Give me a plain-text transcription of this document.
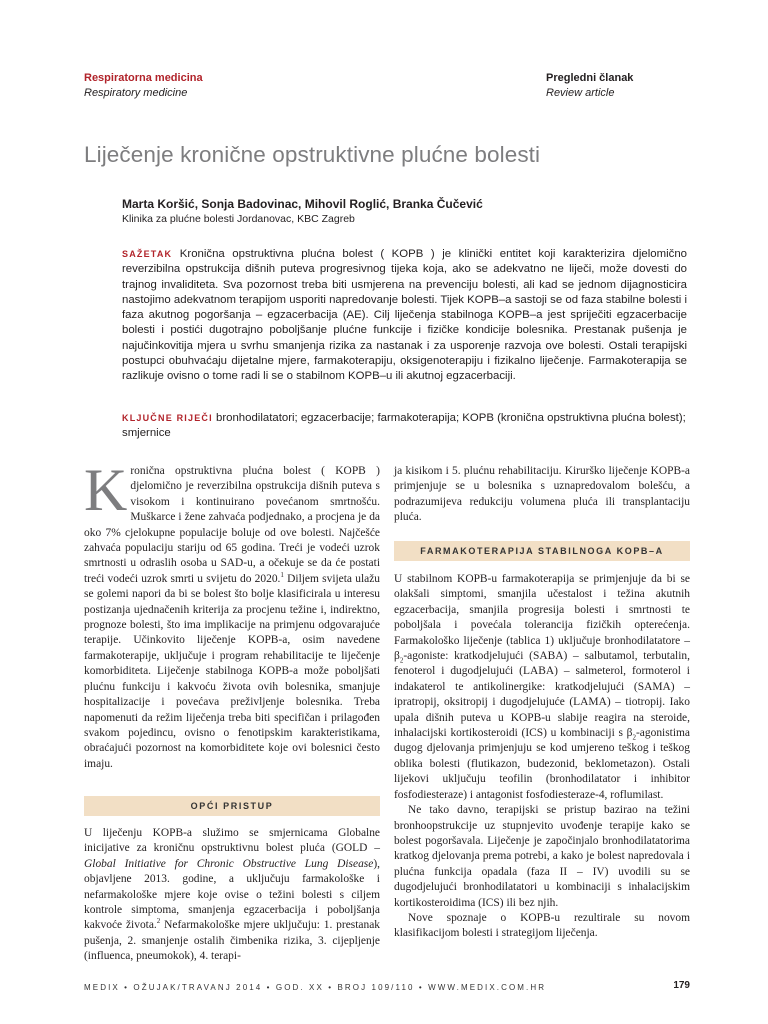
Respiratorna medicina
Respiratory medicine
Pregledni članak
Review article
Liječenje kronične opstruktivne plućne bolesti
Marta Koršić, Sonja Badovinac, Mihovil Roglić, Branka Čučević
Klinika za plućne bolesti Jordanovac, KBC Zagreb
SAŽETAK Kronična opstruktivna plućna bolest ( KOPB ) je klinički entitet koji karakterizira djelomično reverzibilna opstrukcija dišnih puteva progresivnog tijeka koja, ako se adekvatno ne liječi, može dovesti do trajnog invaliditeta. Sva pozornost treba biti usmjerena na prevenciju bolesti, ali kad se jednom dijagnosticira nastojimo adekvatnom terapijom usporiti napredovanje bolesti. Tijek KOPB–a sastoji se od faza stabilne bolesti i faza akutnog pogoršanja – egzacerbacija (AE). Cilj liječenja stabilnoga KOPB–a jest spriječiti egzacerbacije bolesti i postići dugotrajno poboljšanje plućne funkcije i fizičke kondicije bolesnika. Prestanak pušenja je najučinkovitija mjera u svrhu smanjenja rizika za nastanak i za usporenje razvoja ove bolesti. Ostali terapijski postupci obuhvaćaju dijetalne mjere, farmakoterapiju, oksigenoterapiju i fizikalno liječenje. Farmakoterapija se razlikuje ovisno o tome radi li se o stabilnom KOPB–u ili akutnoj egzacerbaciji.
KLJUČNE RIJEČI bronhodilatatori; egzacerbacije; farmakoterapija; KOPB (kronična opstruktivna plućna bolest); smjernice
Kronična opstruktivna plućna bolest ( KOPB ) djelomično je reverzibilna opstrukcija dišnih puteva s visokom i kontinuirano povećanom smrtnošću. Muškarce i žene zahvaća podjednako, a procjena je da oko 7% cjelokupne populacije boluje od ove bolesti. Najčešće zahvaća populaciju stariju od 65 godina. Treći je vodeći uzrok smrtnosti u odraslih osoba u SAD-u, a očekuje se da će postati treći vodeći uzrok smrti u svijetu do 2020.$^1$ Diljem svijeta ulažu se golemi napori da bi se bolest što bolje klasificirala u interesu postizanja ujednačenih kriterija za procjenu težine i, indirektno, prognoze bolesti, što ima implikacije na primjenu odgovarajuće terapije. Učinkovito liječenje KOPB-a, osim navedene farmakoterapije, uključuje i program rehabilitacije te liječenje komorbiditeta. Liječenje stabilnoga KOPB-a može poboljšati plućnu funkciju i kakvoću života ovih bolesnika, smanjuje hospitalizacije i povećava preživljenje bolesnika. Treba napomenuti da režim liječenja treba biti specifičan i prilagođen svakom pojedincu, ovisno o fenotipskim karakteristikama, obraćajući pozornost na komorbiditete koje ovi bolesnici često imaju.
OPĆI PRISTUP
U liječenju KOPB-a služimo se smjernicama Globalne inicijative za kroničnu opstruktivnu bolest pluća (GOLD – Global Initiative for Chronic Obstructive Lung Disease), objavljene 2013. godine, a uključuju farmakološke i nefarmakološke mjere koje ovise o težini bolesti s ciljem kontrole simptoma, smanjenja egzacerbacija i poboljšanja kakvoće života.$^2$ Nefarmakološke mjere uključuju: 1. prestanak pušenja, 2. smanjenje ostalih čimbenika rizika, 3. cijepljenje (influenca, pneumokok), 4. terapi-
ja kisikom i 5. plućnu rehabilitaciju. Kirurško liječenje KOPB-a primjenjuje se u bolesnika s uznapredovalom bolešću, a podrazumijeva redukciju volumena pluća ili transplantaciju pluća.
FARMAKOTERAPIJA STABILNOGA KOPB–A

U stabilnom KOPB-u farmakoterapija se primjenjuje da bi se olakšali simptomi, smanjila učestalost i težina akutnih egzacerbacija, smanjila progresija bolesti i smrtnosti te poboljšala i povećala tolerancija fizičkih opterećenja. Farmakološko liječenje (tablica 1) uključuje bronhodilatatore – $\beta_2$-agoniste: kratkodjelujući (SABA) – salbutamol, terbutalin, fenoterol i dugodjelujući (LABA) – salmeterol, formoterol i indakaterol te antikolinergike: kratkodjelujući (SAMA) – ipratropij, oksitropij i dugodjelujuće (LAMA) – tiotropij. Iako upala dišnih puteva u KOPB-u slabije reagira na steroide, inhalacijski kortikosteroidi (ICS) u kombinaciji s $\beta_2$-agonistima dugog djelovanja primjenjuju se kod umjereno teškog i teškog oblika bolesti (flutikazon, budezonid, beklometazon). Ostali lijekovi uključuju teofilin (bronhodilatator i inhibitor fosfodiesteraze) i antagonist fosfodiesteraze-4, roflumilast.

Ne tako davno, terapijski se pristup bazirao na težini bronhoopstrukcije uz stupnjevito uvođenje terapije kako se bolest pogoršavala. Liječenje je započinjalo bronhodilatatorima kratkog djelovanja prema potrebi, a kako je bolest napredovala i plućna funkcija opadala (faza II – IV) uvodili su se dugodjelujući bronhodilatatori u kombinaciji s inhalacijskim kortikosteroidima (ICS) ili bez njih.

Nove spoznaje o KOPB-u rezultirale su novom klasifikacijom bolesti i strategijom liječenja.

MEDIX • OŽUJAK/TRAVANJ 2014 • GOD. XX • BROJ 109/110 • WWW.MEDIX.COM.HR	179
